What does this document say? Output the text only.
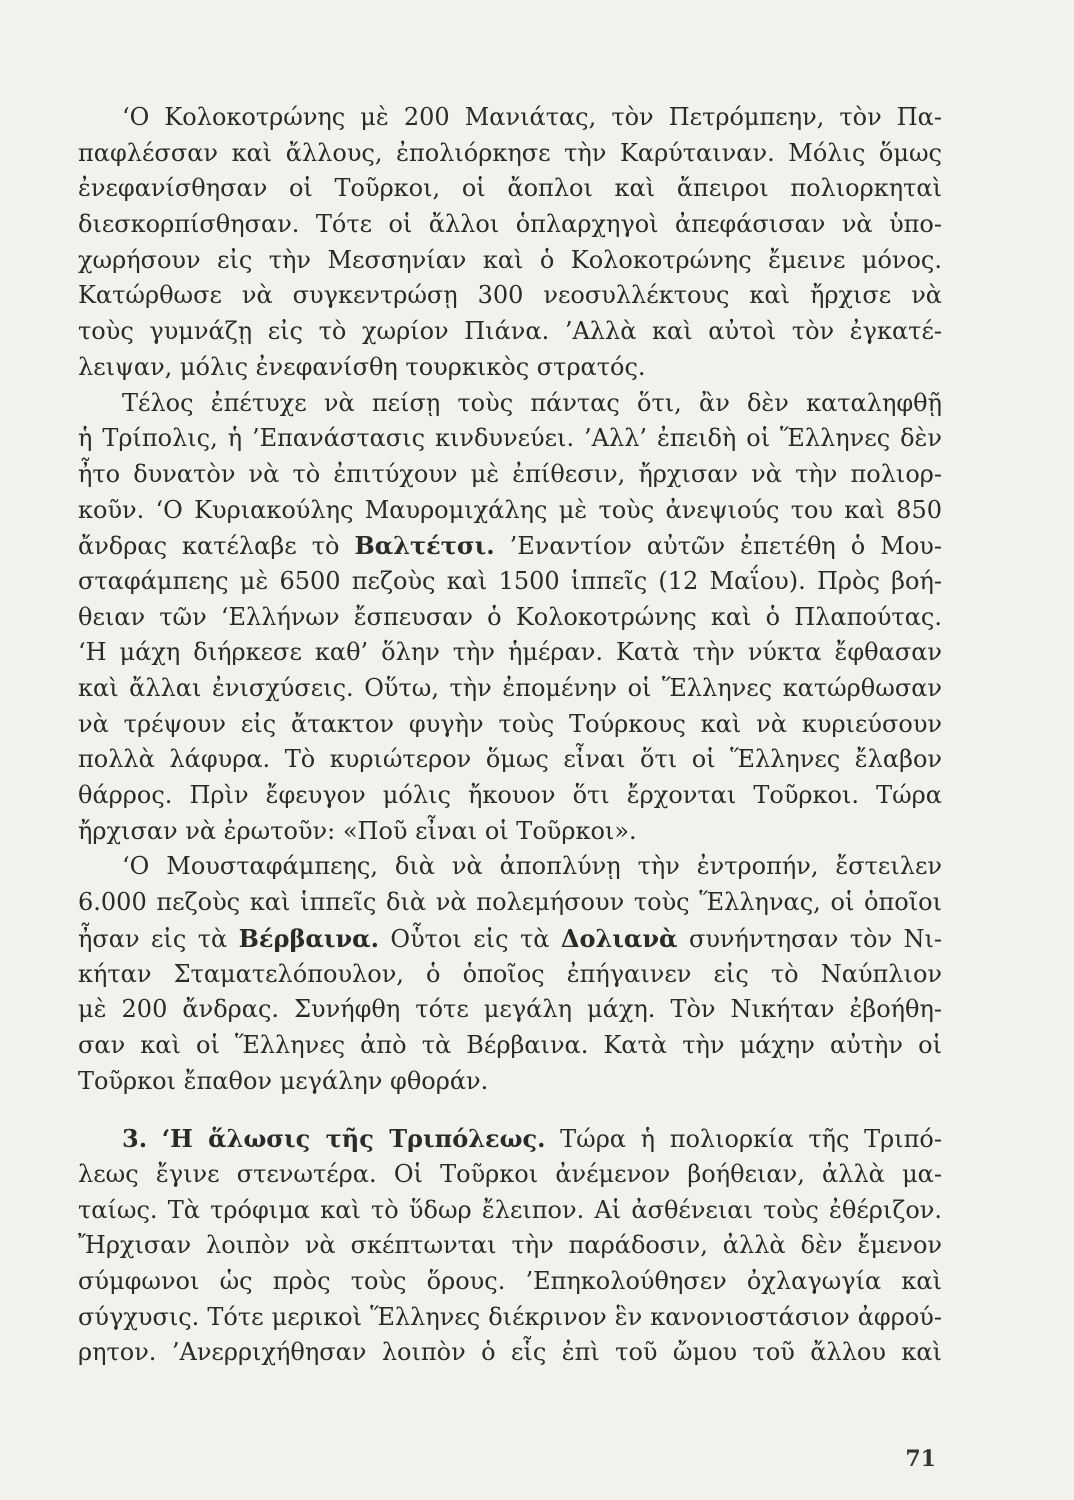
‘Ο Κολοκοτρώνης μὲ 200 Μανιάτας, τὸν Πετρόμπεην, τὸν Πα-
παφλέσσαν καὶ ἄλλους, ἐπολιόρκησε τὴν Καρύταιναν. Μόλις ὅμως
ἐνεφανίσθησαν οἱ Τοῦρκοι, οἱ ἄοπλοι καὶ ἄπειροι πολιορκηταὶ
διεσκορπίσθησαν. Τότε οἱ ἄλλοι ὁπλαρχηγοὶ ἀπεφάσισαν νὰ ὑπο-
χωρήσουν εἰς τὴν Μεσσηνίαν καὶ ὁ Κολοκοτρώνης ἔμεινε μόνος.
Κατώρθωσε νὰ συγκεντρώσῃ 300 νεοσυλλέκτους καὶ ἤρχισε νὰ
τοὺς γυμνάζῃ εἰς τὸ χωρίον Πιάνα. ’Αλλὰ καὶ αὐτοὶ τὸν ἐγκατέ-
λειψαν, μόλις ἐνεφανίσθη τουρκικὸς στρατός.
Τέλος ἐπέτυχε νὰ πείσῃ τοὺς πάντας ὅτι, ἂν δὲν καταληφθῇ
ἡ Τρίπολις, ἡ ’Επανάστασις κινδυνεύει. ’Αλλ’ ἐπειδὴ οἱ Ἕλληνες δὲν
ἦτο δυνατὸν νὰ τὸ ἐπιτύχουν μὲ ἐπίθεσιν, ἤρχισαν νὰ τὴν πολιορ-
κοῦν. ‘Ο Κυριακούλης Μαυρομιχάλης μὲ τοὺς ἀνεψιούς του καὶ 850
ἄνδρας κατέλαβε τὸ Βαλτέτσι. ’Εναντίον αὐτῶν ἐπετέθη ὁ Μου-
σταφάμπεης μὲ 6500 πεζοὺς καὶ 1500 ἱππεῖς (12 Μαΐου). Πρὸς βοή-
θειαν τῶν ‘Ελλήνων ἔσπευσαν ὁ Κολοκοτρώνης καὶ ὁ Πλαπούτας.
‘Η μάχη διήρκεσε καθ’ ὅλην τὴν ἡμέραν. Κατὰ τὴν νύκτα ἔφθασαν
καὶ ἄλλαι ἐνισχύσεις. Οὕτω, τὴν ἐπομένην οἱ Ἕλληνες κατώρθωσαν
νὰ τρέψουν εἰς ἄτακτον φυγὴν τοὺς Τούρκους καὶ νὰ κυριεύσουν
πολλὰ λάφυρα. Τὸ κυριώτερον ὅμως εἶναι ὅτι οἱ Ἕλληνες ἔλαβον
θάρρος. Πρὶν ἔφευγον μόλις ἤκουον ὅτι ἔρχονται Τοῦρκοι. Τώρα
ἤρχισαν νὰ ἐρωτοῦν: «Ποῦ εἶναι οἱ Τοῦρκοι».
‘Ο Μουσταφάμπεης, διὰ νὰ ἀποπλύνῃ τὴν ἐντροπήν, ἔστειλεν
6.000 πεζοὺς καὶ ἱππεῖς διὰ νὰ πολεμήσουν τοὺς Ἕλληνας, οἱ ὁποῖοι
ἦσαν εἰς τὰ Βέρβαινα. Οὗτοι εἰς τὰ Δολιανὰ συνήντησαν τὸν Νι-
κήταν Σταματελόπουλον, ὁ ὁποῖος ἐπήγαινεν εἰς τὸ Ναύπλιον
μὲ 200 ἄνδρας. Συνήφθη τότε μεγάλη μάχη. Τὸν Νικήταν ἐβοήθη-
σαν καὶ οἱ Ἕλληνες ἀπὸ τὰ Βέρβαινα. Κατὰ τὴν μάχην αὐτὴν οἱ
Τοῦρκοι ἔπαθον μεγάλην φθοράν.
3. ‘Η ἅλωσις τῆς Τριπόλεως. Τώρα ἡ πολιορκία τῆς Τριπό-
λεως ἔγινε στενωτέρα. Οἱ Τοῦρκοι ἀνέμενον βοήθειαν, ἀλλὰ μα-
ταίως. Τὰ τρόφιμα καὶ τὸ ὕδωρ ἔλειπον. Αἱ ἀσθένειαι τοὺς ἐθέριζον.
Ἤρχισαν λοιπὸν νὰ σκέπτωνται τὴν παράδοσιν, ἀλλὰ δὲν ἔμενον
σύμφωνοι ὡς πρὸς τοὺς ὅρους. ’Επηκολούθησεν ὀχλαγωγία καὶ
σύγχυσις. Τότε μερικοὶ Ἕλληνες διέκρινον ἓν κανονιοστάσιον ἀφρού-
ρητον. ’Ανερριχήθησαν λοιπὸν ὁ εἷς ἐπὶ τοῦ ὤμου τοῦ ἄλλου καὶ
71
